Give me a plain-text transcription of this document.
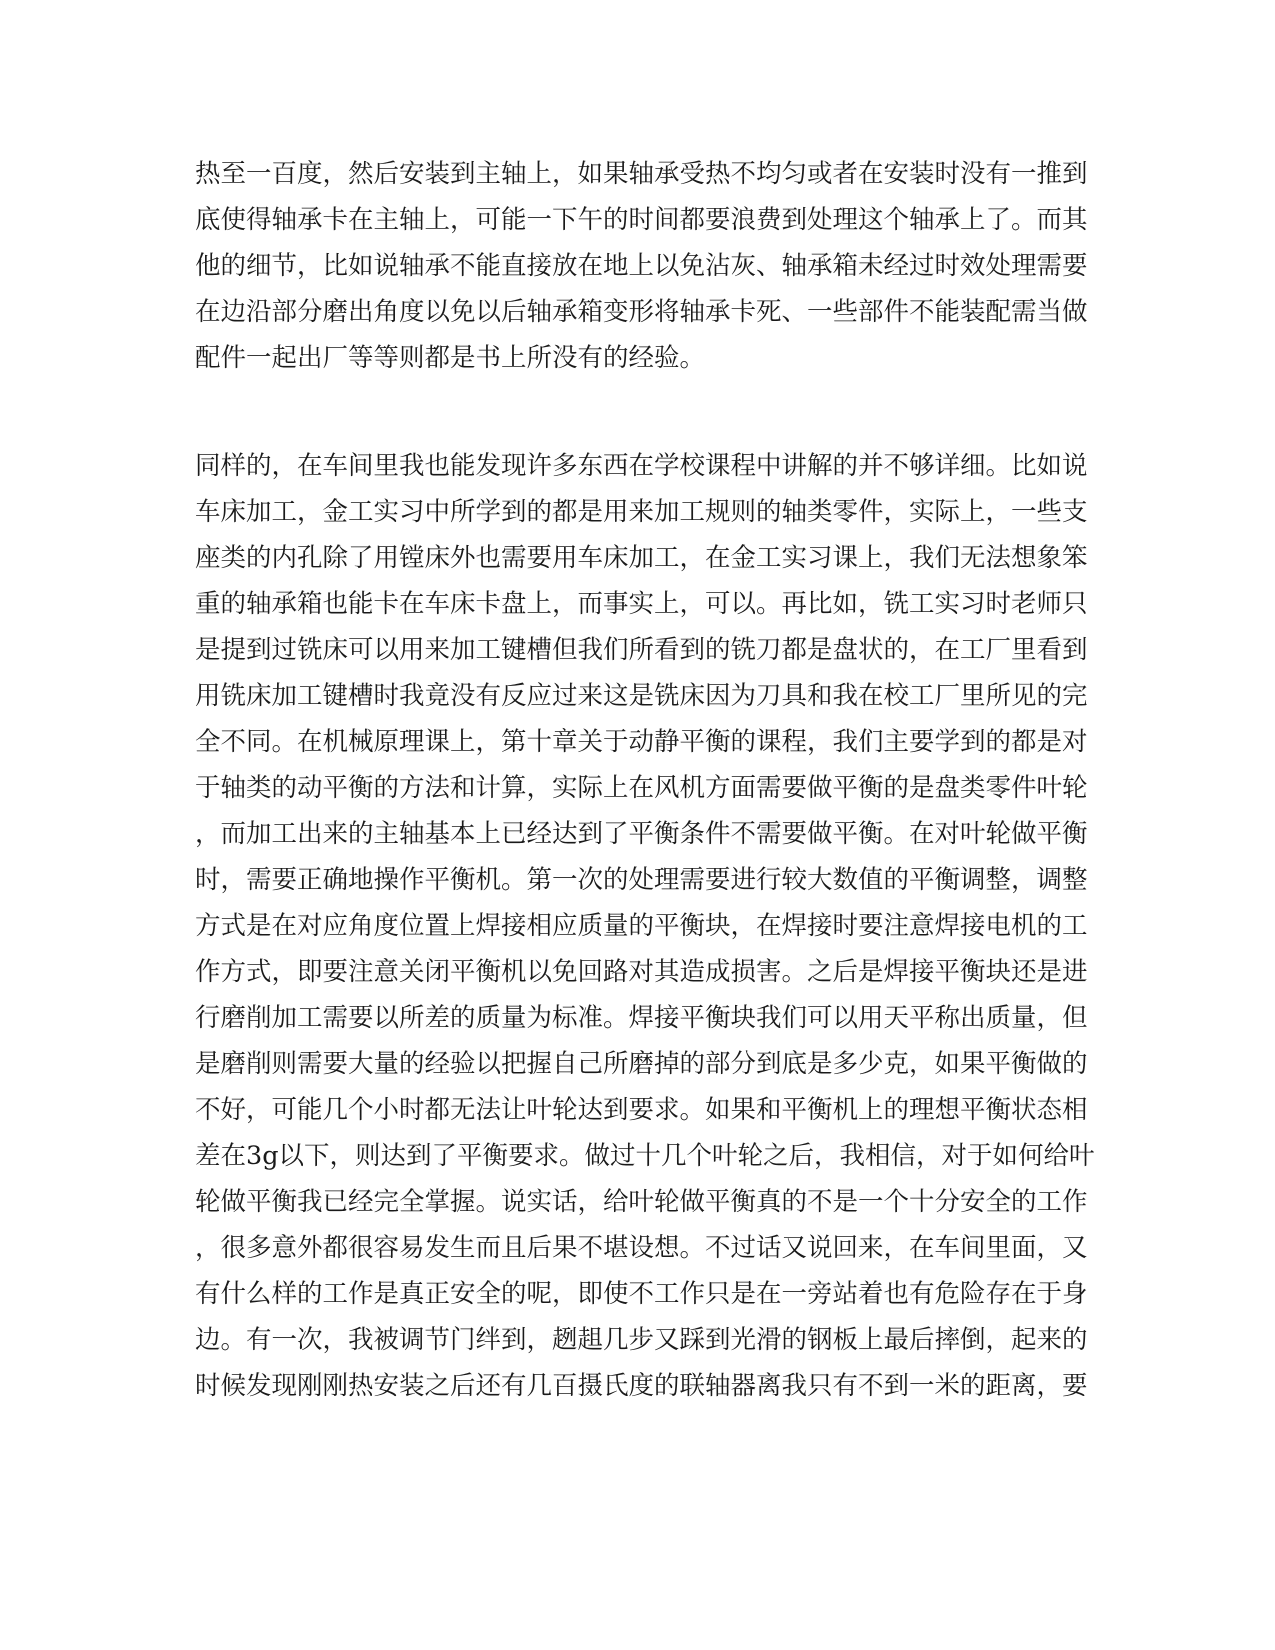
热至一百度，然后安装到主轴上，如果轴承受热不均匀或者在安装时没有一推到

底使得轴承卡在主轴上，可能一下午的时间都要浪费到处理这个轴承上了。而其

他的细节，比如说轴承不能直接放在地上以免沾灰、轴承箱未经过时效处理需要

在边沿部分磨出角度以免以后轴承箱变形将轴承卡死、一些部件不能装配需当做

配件一起出厂等等则都是书上所没有的经验。

同样的，在车间里我也能发现许多东西在学校课程中讲解的并不够详细。比如说

车床加工，金工实习中所学到的都是用来加工规则的轴类零件，实际上，一些支

座类的内孔除了用镗床外也需要用车床加工，在金工实习课上，我们无法想象笨

重的轴承箱也能卡在车床卡盘上，而事实上，可以。再比如，铣工实习时老师只

是提到过铣床可以用来加工键槽但我们所看到的铣刀都是盘状的，在工厂里看到

用铣床加工键槽时我竟没有反应过来这是铣床因为刀具和我在校工厂里所见的完

全不同。在机械原理课上，第十章关于动静平衡的课程，我们主要学到的都是对

于轴类的动平衡的方法和计算，实际上在风机方面需要做平衡的是盘类零件叶轮

，而加工出来的主轴基本上已经达到了平衡条件不需要做平衡。在对叶轮做平衡

时，需要正确地操作平衡机。第一次的处理需要进行较大数值的平衡调整，调整

方式是在对应角度位置上焊接相应质量的平衡块，在焊接时要注意焊接电机的工

作方式，即要注意关闭平衡机以免回路对其造成损害。之后是焊接平衡块还是进

行磨削加工需要以所差的质量为标准。焊接平衡块我们可以用天平称出质量，但

是磨削则需要大量的经验以把握自己所磨掉的部分到底是多少克，如果平衡做的

不好，可能几个小时都无法让叶轮达到要求。如果和平衡机上的理想平衡状态相

差在3g以下，则达到了平衡要求。做过十几个叶轮之后，我相信，对于如何给叶

轮做平衡我已经完全掌握。说实话，给叶轮做平衡真的不是一个十分安全的工作

，很多意外都很容易发生而且后果不堪设想。不过话又说回来，在车间里面，又

有什么样的工作是真正安全的呢，即使不工作只是在一旁站着也有危险存在于身

边。有一次，我被调节门绊到，趔趄几步又踩到光滑的钢板上最后摔倒，起来的

时候发现刚刚热安装之后还有几百摄氏度的联轴器离我只有不到一米的距离，要
